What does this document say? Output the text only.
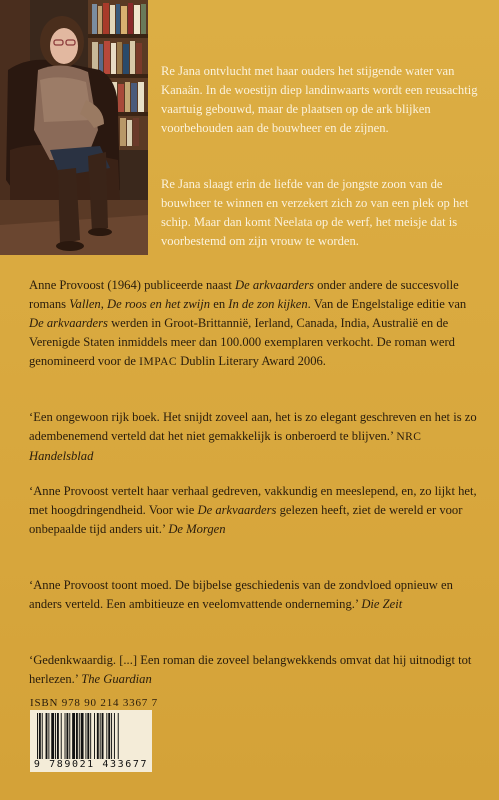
Re Jana ontvlucht met haar ouders het stijgende water van Kanaän. In de woestijn diep landinwaarts wordt een reusachtig vaartuig gebouwd, maar de plaatsen op de ark blijken voorbehouden aan de bouwheer en de zijnen.
Re Jana slaagt erin de liefde van de jongste zoon van de bouwheer te winnen en verzekert zich zo van een plek op het schip. Maar dan komt Neelata op de werf, het meisje dat is voorbestemd om zijn vrouw te worden.
Anne Provoost (1964) publiceerde naast De arkvaarders onder andere de succesvolle romans Vallen, De roos en het zwijn en In de zon kijken. Van de Engelstalige editie van De arkvaarders werden in Groot-Brittannië, Ierland, Canada, India, Australië en de Verenigde Staten inmiddels meer dan 100.000 exemplaren verkocht. De roman werd genomineerd voor de IMPAC Dublin Literary Award 2006.
‘Een ongewoon rijk boek. Het snijdt zoveel aan, het is zo elegant geschreven en het is zo adembenemend verteld dat het niet gemakkelijk is onberoerd te blijven.’ NRC Handelsblad
‘Anne Provoost vertelt haar verhaal gedreven, vakkundig en meeslepend, en, zo lijkt het, met hoogdringendheid. Voor wie De arkvaarders gelezen heeft, ziet de wereld er voor onbepaalde tijd anders uit.’ De Morgen
‘Anne Provoost toont moed. De bijbelse geschiedenis van de zondvloed opnieuw en anders verteld. Een ambitieuze en veelomvattende onderneming.’ Die Zeit
‘Gedenkwaardig. [...] Een roman die zoveel belangwekkends omvat dat hij uitnodigt tot herlezen.’ The Guardian
ISBN 978 90 214 3367 7
9 789021 433677
